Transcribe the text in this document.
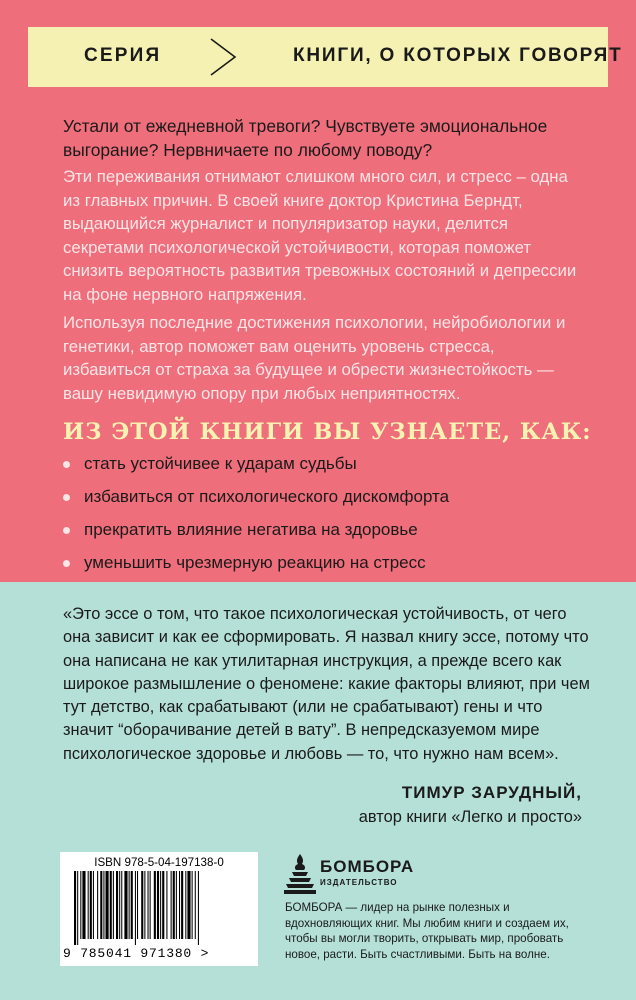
СЕРИЯ	КНИГИ, О КОТОРЫХ ГОВОРЯТ

Устали от ежедневной тревоги? Чувствуете эмоциональное выгорание? Нервничаете по любому поводу?

Эти переживания отнимают слишком много сил, и стресс – одна из главных причин. В своей книге доктор Кристина Берндт, выдающийся журналист и популяризатор науки, делится секретами психологической устойчивости, которая поможет снизить вероятность развития тревожных состояний и депрессии на фоне нервного напряжения.

Используя последние достижения психологии, нейробиологии и генетики, автор поможет вам оценить уровень стресса, избавиться от страха за будущее и обрести жизнестойкость — вашу невидимую опору при любых неприятностях.

ИЗ ЭТОЙ КНИГИ ВЫ УЗНАЕТЕ, КАК:
стать устойчивее к ударам судьбы
избавиться от психологического дискомфорта
прекратить влияние негатива на здоровье
уменьшить чрезмерную реакцию на стресс

«Это эссе о том, что такое психологическая устойчивость, от чего она зависит и как ее сформировать. Я назвал книгу эссе, потому что она написана не как утилитарная инструкция, а прежде всего как широкое размышление о феномене: какие факторы влияют, при чем тут детство, как срабатывают (или не срабатывают) гены и что значит “оборачивание детей в вату”. В непредсказуемом мире психологическое здоровье и любовь — то, что нужно нам всем».

ТИМУР ЗАРУДНЫЙ,
автор книги «Легко и просто»
ISBN 978-5-04-197138-0
9 785041 971380 >
БОМБОРА
ИЗДАТЕЛЬСТВО

БОМБОРА — лидер на рынке полезных и вдохновляющих книг. Мы любим книги и создаем их, чтобы вы могли творить, открывать мир, пробовать новое, расти. Быть счастливыми. Быть на волне.
